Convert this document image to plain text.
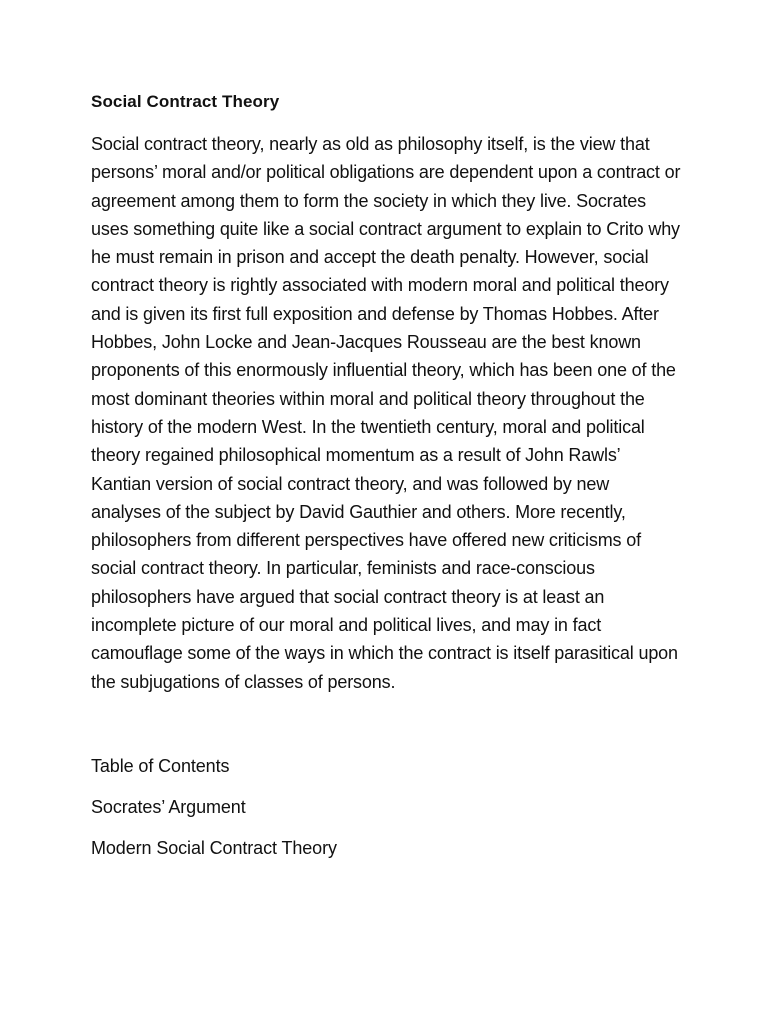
Social Contract Theory

Social contract theory, nearly as old as philosophy itself, is the view that persons’ moral and/or political obligations are dependent upon a contract or agreement among them to form the society in which they live. Socrates uses something quite like a social contract argument to explain to Crito why he must remain in prison and accept the death penalty. However, social contract theory is rightly associated with modern moral and political theory and is given its first full exposition and defense by Thomas Hobbes. After Hobbes, John Locke and Jean-Jacques Rousseau are the best known proponents of this enormously influential theory, which has been one of the most dominant theories within moral and political theory throughout the history of the modern West. In the twentieth century, moral and political theory regained philosophical momentum as a result of John Rawls’ Kantian version of social contract theory, and was followed by new analyses of the subject by David Gauthier and others. More recently, philosophers from different perspectives have offered new criticisms of social contract theory. In particular, feminists and race-conscious philosophers have argued that social contract theory is at least an incomplete picture of our moral and political lives, and may in fact camouflage some of the ways in which the contract is itself parasitical upon the subjugations of classes of persons.

Table of Contents
Socrates’ Argument
Modern Social Contract Theory
